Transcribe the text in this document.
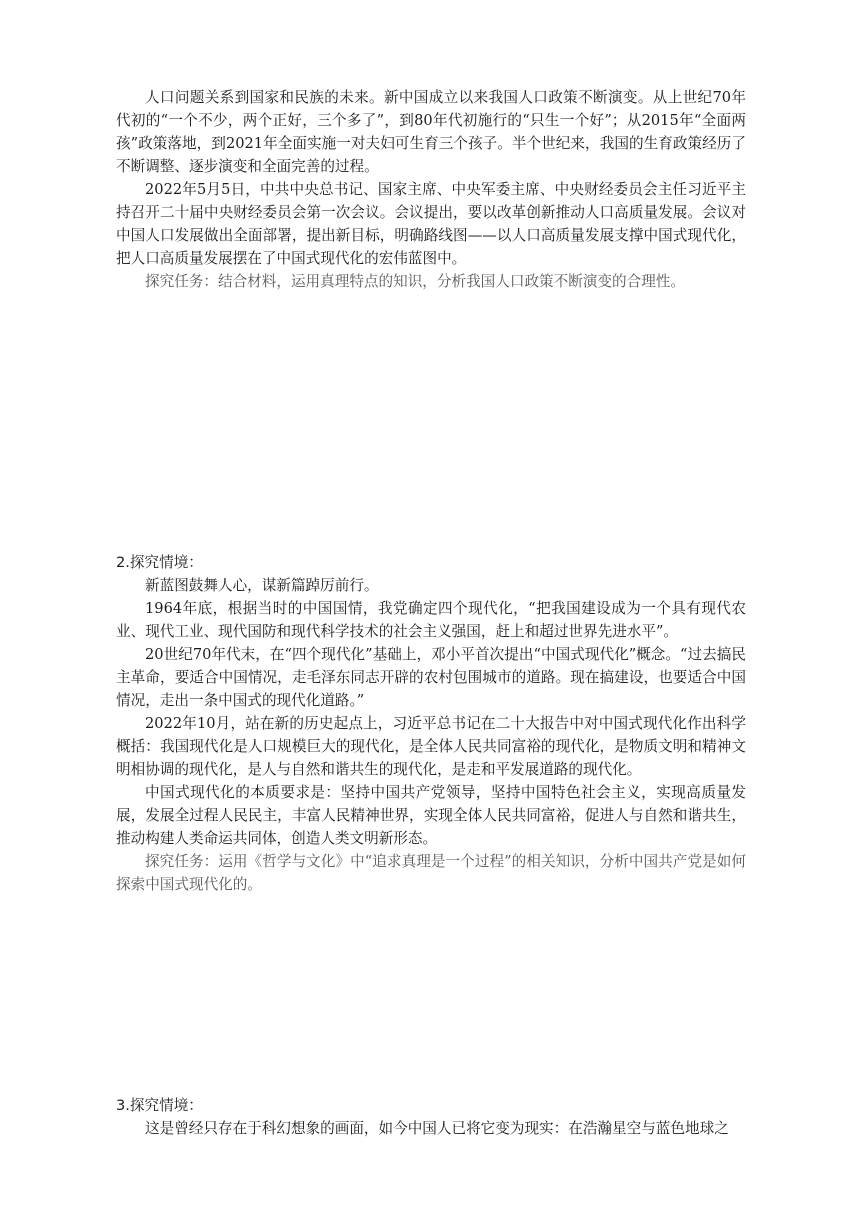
人口问题关系到国家和民族的未来。新中国成立以来我国人口政策不断演变。从上世纪70年代初的“一个不少，两个正好，三个多了”，到80年代初施行的“只生一个好”；从2015年“全面两孩”政策落地，到2021年全面实施一对夫妇可生育三个孩子。半个世纪来，我国的生育政策经历了不断调整、逐步演变和全面完善的过程。

2022年5月5日，中共中央总书记、国家主席、中央军委主席、中央财经委员会主任习近平主持召开二十届中央财经委员会第一次会议。会议提出，要以改革创新推动人口高质量发展。会议对中国人口发展做出全面部署，提出新目标，明确路线图——以人口高质量发展支撑中国式现代化，把人口高质量发展摆在了中国式现代化的宏伟蓝图中。

探究任务：结合材料，运用真理特点的知识，分析我国人口政策不断演变的合理性。

2.探究情境：

新蓝图鼓舞人心，谋新篇踔厉前行。

1964年底，根据当时的中国国情，我党确定四个现代化，“把我国建设成为一个具有现代农业、现代工业、现代国防和现代科学技术的社会主义强国，赶上和超过世界先进水平”。

20世纪70年代末，在“四个现代化”基础上，邓小平首次提出“中国式现代化”概念。“过去搞民主革命，要适合中国情况，走毛泽东同志开辟的农村包围城市的道路。现在搞建设，也要适合中国情况，走出一条中国式的现代化道路。”

2022年10月，站在新的历史起点上，习近平总书记在二十大报告中对中国式现代化作出科学概括：我国现代化是人口规模巨大的现代化，是全体人民共同富裕的现代化，是物质文明和精神文明相协调的现代化，是人与自然和谐共生的现代化，是走和平发展道路的现代化。

中国式现代化的本质要求是：坚持中国共产党领导，坚持中国特色社会主义，实现高质量发展，发展全过程人民民主，丰富人民精神世界，实现全体人民共同富裕，促进人与自然和谐共生，推动构建人类命运共同体，创造人类文明新形态。

探究任务：运用《哲学与文化》中“追求真理是一个过程”的相关知识，分析中国共产党是如何探索中国式现代化的。

3.探究情境：

这是曾经只存在于科幻想象的画面，如今中国人已将它变为现实：在浩瀚星空与蓝色地球之
